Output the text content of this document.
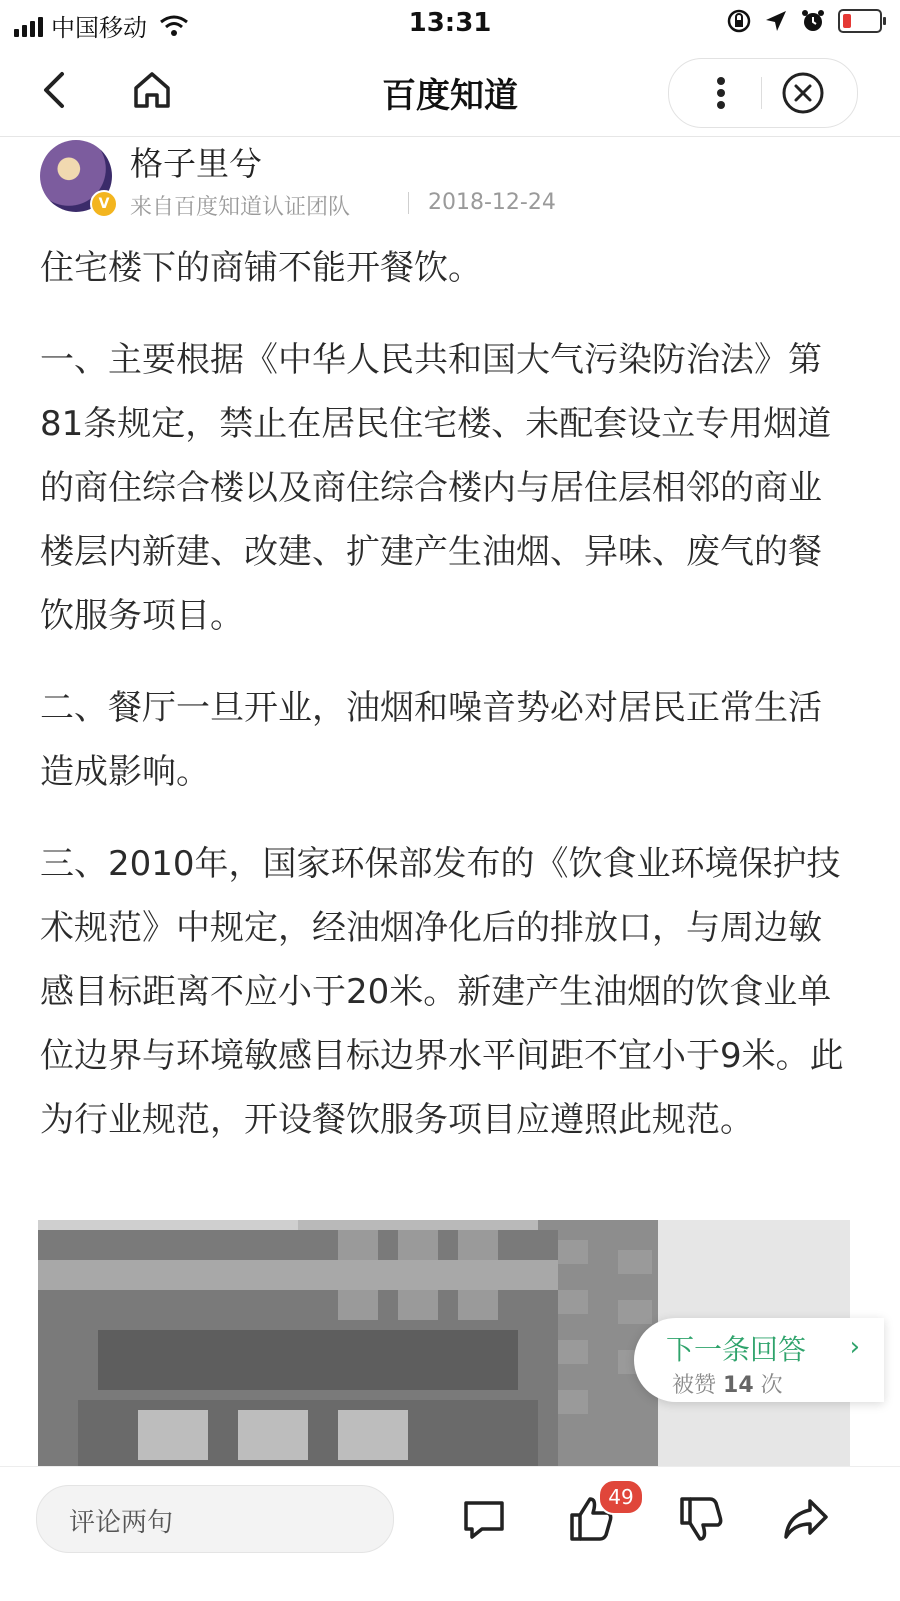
中国移动	13:31
百度知道
V
格子里兮
来自百度知道认证团队	2018-12-24

住宅楼下的商铺不能开餐饮。

一、主要根据《中华人民共和国大气污染防治法》第81条规定，禁止在居民住宅楼、未配套设立专用烟道的商住综合楼以及商住综合楼内与居住层相邻的商业楼层内新建、改建、扩建产生油烟、异味、废气的餐饮服务项目。

二、餐厅一旦开业，油烟和噪音势必对居民正常生活造成影响。

三、2010年，国家环保部发布的《饮食业环境保护技术规范》中规定，经油烟净化后的排放口，与周边敏感目标距离不应小于20米。新建产生油烟的饮食业单位边界与环境敏感目标边界水平间距不宜小于9米。此为行业规范，开设餐饮服务项目应遵照此规范。

下一条回答 ›
被赞 14 次
评论两句
49
